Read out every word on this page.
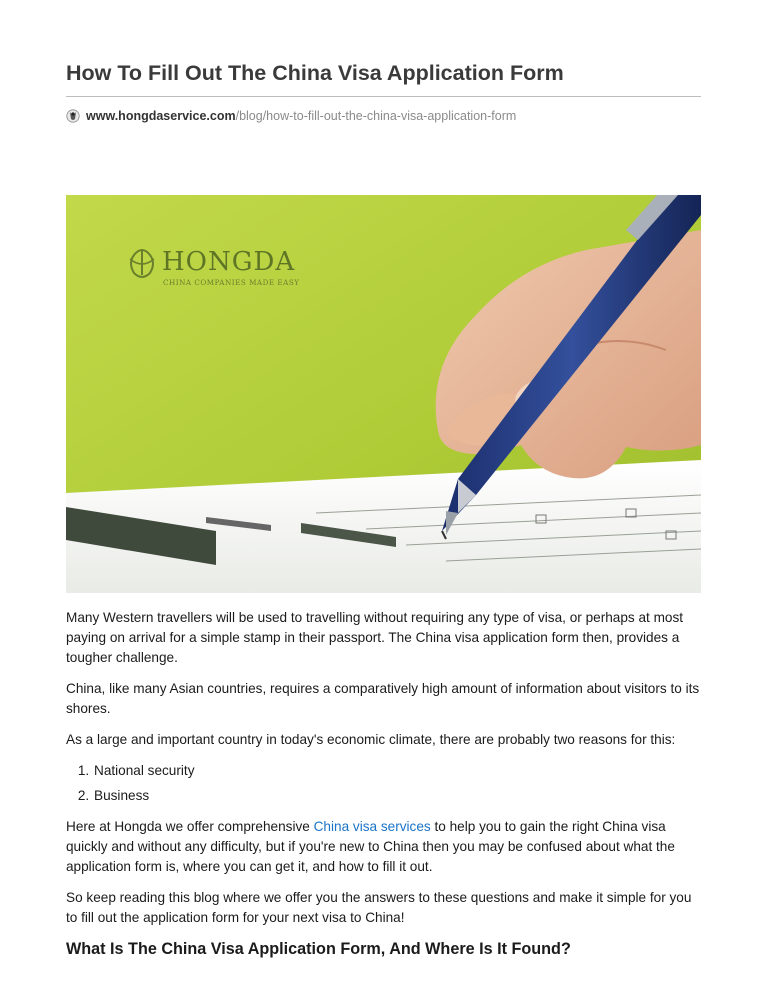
How To Fill Out The China Visa Application Form
www.hongdaservice.com /blog/how-to-fill-out-the-china-visa-application-form
HONGDA
CHINA COMPANIES MADE EASY

Many Western travellers will be used to travelling without requiring any type of visa, or perhaps at most paying on arrival for a simple stamp in their passport. The China visa application form then, provides a tougher challenge.

China, like many Asian countries, requires a comparatively high amount of information about visitors to its shores.

As a large and important country in today's economic climate, there are probably two reasons for this:

1. National security
2. Business

Here at Hongda we offer comprehensive China visa services to help you to gain the right China visa quickly and without any difficulty, but if you're new to China then you may be confused about what the application form is, where you can get it, and how to fill it out.

So keep reading this blog where we offer you the answers to these questions and make it simple for you to fill out the application form for your next visa to China!

What Is The China Visa Application Form, And Where Is It Found?
